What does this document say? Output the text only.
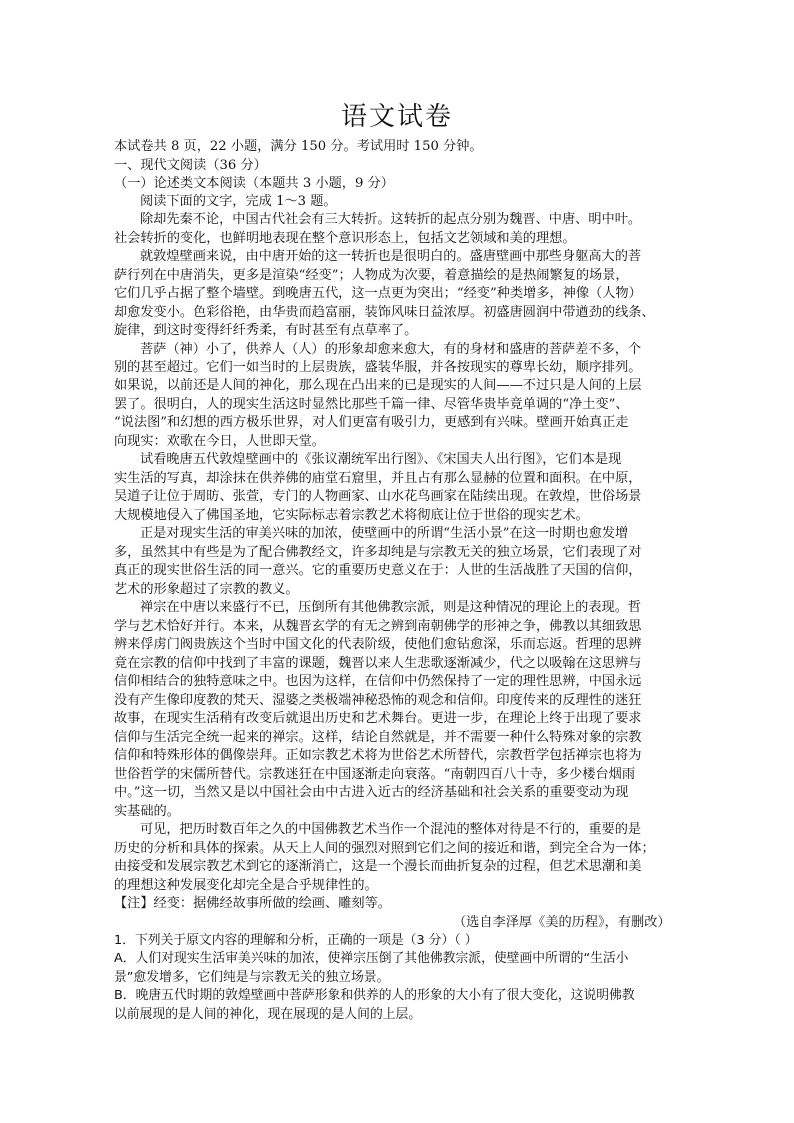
语文试卷
本试卷共 8 页，22 小题，满分 150 分。考试用时 150 分钟。
一、现代文阅读（36 分）
（一）论述类文本阅读（本题共 3 小题，9 分）
阅读下面的文字，完成 1～3 题。
除却先秦不论，中国古代社会有三大转折。这转折的起点分别为魏晋、中唐、明中叶。
社会转折的变化，也鲜明地表现在整个意识形态上，包括文艺领域和美的理想。
就敦煌壁画来说，由中唐开始的这一转折也是很明白的。盛唐壁画中那些身躯高大的菩
萨行列在中唐消失，更多是渲染“经变”；人物成为次要，着意描绘的是热闹繁复的场景，
它们几乎占据了整个墙壁。到晚唐五代，这一点更为突出；“经变”种类增多，神像（人物）
却愈发变小。色彩俗艳，由华贵而趋富丽，装饰风味日益浓厚。初盛唐圆润中带遒劲的线条、
旋律，到这时变得纤纤秀柔，有时甚至有点草率了。
菩萨（神）小了，供养人（人）的形象却愈来愈大，有的身材和盛唐的菩萨差不多，个
别的甚至超过。它们一如当时的上层贵族，盛装华服，并各按现实的尊卑长幼，顺序排列。
如果说，以前还是人间的神化，那么现在凸出来的已是现实的人间——不过只是人间的上层
罢了。很明白，人的现实生活这时显然比那些千篇一律、尽管华贵毕竟单调的“净土变”、
“说法图”和幻想的西方极乐世界，对人们更富有吸引力，更感到有兴味。壁画开始真正走
向现实：欢歌在今日，人世即天堂。
试看晚唐五代敦煌壁画中的《张议潮统军出行图》、《宋国夫人出行图》，它们本是现
实生活的写真，却涂抹在供养佛的庙堂石窟里，并且占有那么显赫的位置和面积。在中原，
吴道子让位于周昉、张萱，专门的人物画家、山水花鸟画家在陆续出现。在敦煌，世俗场景
大规模地侵入了佛国圣地，它实际标志着宗教艺术将彻底让位于世俗的现实艺术。
正是对现实生活的审美兴味的加浓，使壁画中的所谓“生活小景”在这一时期也愈发增
多，虽然其中有些是为了配合佛教经文，许多却纯是与宗教无关的独立场景，它们表现了对
真正的现实世俗生活的同一意兴。它的重要历史意义在于：人世的生活战胜了天国的信仰，
艺术的形象超过了宗教的教义。
禅宗在中唐以来盛行不已，压倒所有其他佛教宗派，则是这种情况的理论上的表现。哲
学与艺术恰好并行。本来，从魏晋玄学的有无之辨到南朝佛学的形神之争，佛教以其细致思
辨来俘虏门阀贵族这个当时中国文化的代表阶级，使他们愈钻愈深，乐而忘返。哲理的思辨
竟在宗教的信仰中找到了丰富的课题，魏晋以来人生悲歌逐渐减少，代之以吸翰在这思辨与
信仰相结合的独特意味之中。也因为这样，在信仰中仍然保持了一定的理性思辨，中国永远
没有产生像印度教的梵天、湿婆之类极端神秘恐怖的观念和信仰。印度传来的反理性的迷狂
故事，在现实生活稍有改变后就退出历史和艺术舞台。更进一步，在理论上终于出现了要求
信仰与生活完全统一起来的禅宗。这样，结论自然就是，并不需要一种什么特殊对象的宗教
信仰和特殊形体的偶像崇拜。正如宗教艺术将为世俗艺术所替代，宗教哲学包括禅宗也将为
世俗哲学的宋儒所替代。宗教迷狂在中国逐渐走向衰落。“南朝四百八十寺，多少楼台烟雨
中。”这一切，当然又是以中国社会由中古进入近古的经济基础和社会关系的重要变动为现
实基础的。
可见，把历时数百年之久的中国佛教艺术当作一个混沌的整体对待是不行的，重要的是
历史的分析和具体的探索。从天上人间的强烈对照到它们之间的接近和谐，到完全合为一体；
由接受和发展宗教艺术到它的逐渐消亡，这是一个漫长而曲折复杂的过程，但艺术思潮和美
的理想这种发展变化却完全是合乎规律性的。
【注】经变：据佛经故事所做的绘画、雕刻等。
（选自李泽厚《美的历程》，有删改）
1．下列关于原文内容的理解和分析，正确的一项是（3 分）（ ）
A．人们对现实生活审美兴味的加浓，使禅宗压倒了其他佛教宗派，使壁画中所谓的“生活小
景”愈发增多，它们纯是与宗教无关的独立场景。
B．晚唐五代时期的敦煌壁画中菩萨形象和供养的人的形象的大小有了很大变化，这说明佛教
以前展现的是人间的神化，现在展现的是人间的上层。
